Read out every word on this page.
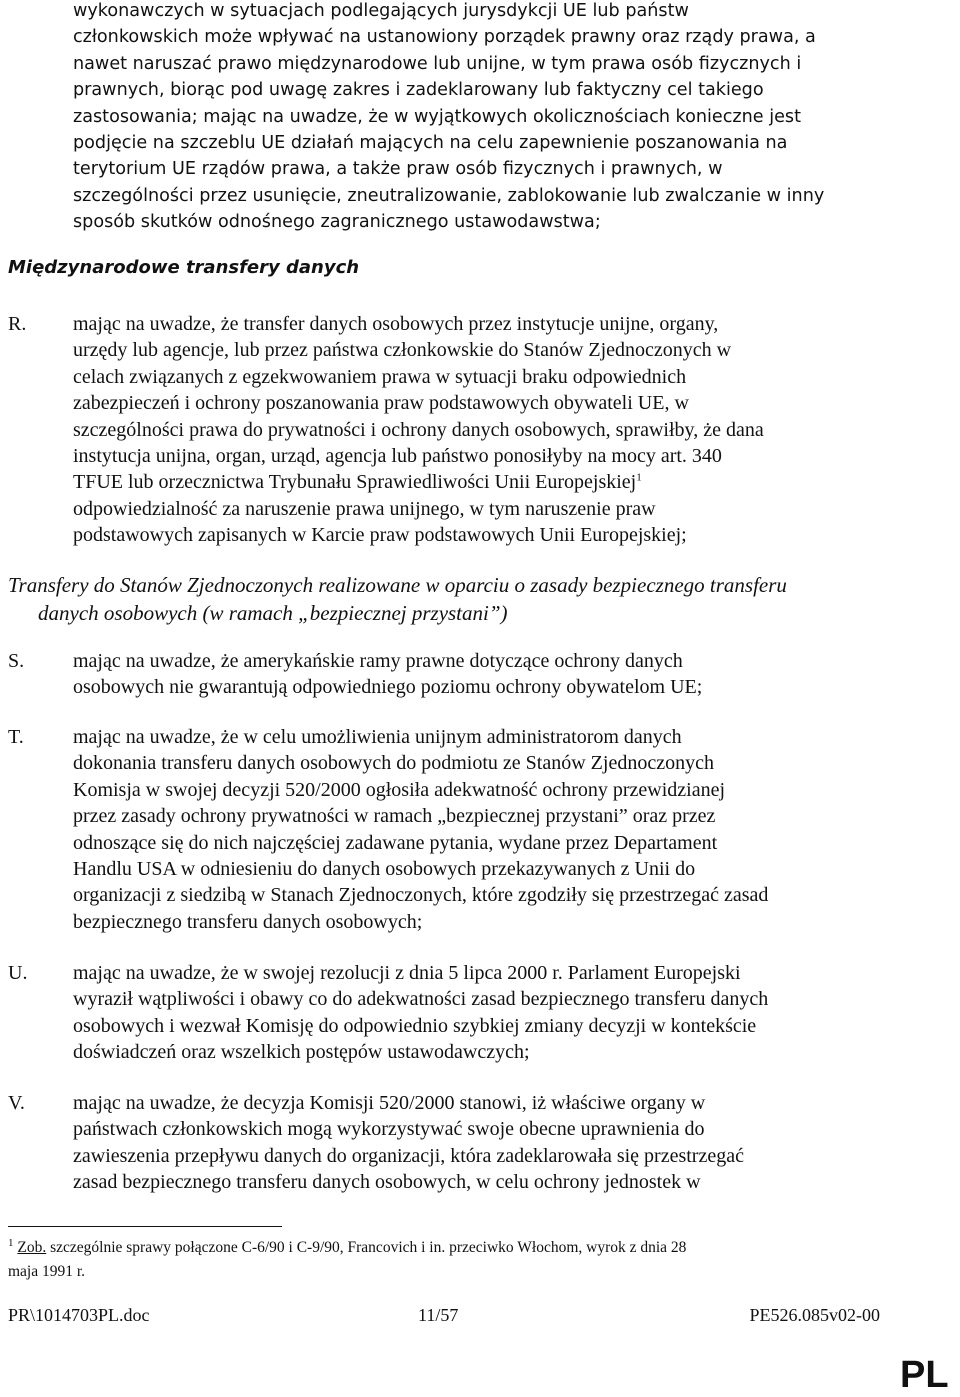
wykonawczych w sytuacjach podlegających jurysdykcji UE lub państw
członkowskich może wpływać na ustanowiony porządek prawny oraz rządy prawa, a
nawet naruszać prawo międzynarodowe lub unijne, w tym prawa osób fizycznych i
prawnych, biorąc pod uwagę zakres i zadeklarowany lub faktyczny cel takiego
zastosowania; mając na uwadze, że w wyjątkowych okolicznościach konieczne jest
podjęcie na szczeblu UE działań mających na celu zapewnienie poszanowania na
terytorium UE rządów prawa, a także praw osób fizycznych i prawnych, w
szczególności przez usunięcie, zneutralizowanie, zablokowanie lub zwalczanie w inny
sposób skutków odnośnego zagranicznego ustawodawstwa;
Międzynarodowe transfery danych
R. mając na uwadze, że transfer danych osobowych przez instytucje unijne, organy,
urzędy lub agencje, lub przez państwa członkowskie do Stanów Zjednoczonych w
celach związanych z egzekwowaniem prawa w sytuacji braku odpowiednich
zabezpieczeń i ochrony poszanowania praw podstawowych obywateli UE, w
szczególności prawa do prywatności i ochrony danych osobowych, sprawiłby, że dana
instytucja unijna, organ, urząd, agencja lub państwo ponosiłyby na mocy art. 340
TFUE lub orzecznictwa Trybunału Sprawiedliwości Unii Europejskiej$^1$
odpowiedzialność za naruszenie prawa unijnego, w tym naruszenie praw
podstawowych zapisanych w Karcie praw podstawowych Unii Europejskiej;
Transfery do Stanów Zjednoczonych realizowane w oparciu o zasady bezpiecznego transferu
danych osobowych (w ramach „bezpiecznej przystani”)
S. mając na uwadze, że amerykańskie ramy prawne dotyczące ochrony danych
osobowych nie gwarantują odpowiedniego poziomu ochrony obywatelom UE;
T. mając na uwadze, że w celu umożliwienia unijnym administratorom danych
dokonania transferu danych osobowych do podmiotu ze Stanów Zjednoczonych
Komisja w swojej decyzji 520/2000 ogłosiła adekwatność ochrony przewidzianej
przez zasady ochrony prywatności w ramach „bezpiecznej przystani” oraz przez
odnoszące się do nich najczęściej zadawane pytania, wydane przez Departament
Handlu USA w odniesieniu do danych osobowych przekazywanych z Unii do
organizacji z siedzibą w Stanach Zjednoczonych, które zgodziły się przestrzegać zasad
bezpiecznego transferu danych osobowych;
U. mając na uwadze, że w swojej rezolucji z dnia 5 lipca 2000 r. Parlament Europejski
wyraził wątpliwości i obawy co do adekwatności zasad bezpiecznego transferu danych
osobowych i wezwał Komisję do odpowiednio szybkiej zmiany decyzji w kontekście
doświadczeń oraz wszelkich postępów ustawodawczych;
V. mając na uwadze, że decyzja Komisji 520/2000 stanowi, iż właściwe organy w
państwach członkowskich mogą wykorzystywać swoje obecne uprawnienia do
zawieszenia przepływu danych do organizacji, która zadeklarowała się przestrzegać
zasad bezpiecznego transferu danych osobowych, w celu ochrony jednostek w
$^1$ Zob. szczególnie sprawy połączone C-6/90 i C-9/90, Francovich i in. przeciwko Włochom, wyrok z dnia 28
maja 1991 r.
PR\1014703PL.doc	11/57	PE526.085v02-00
PL
